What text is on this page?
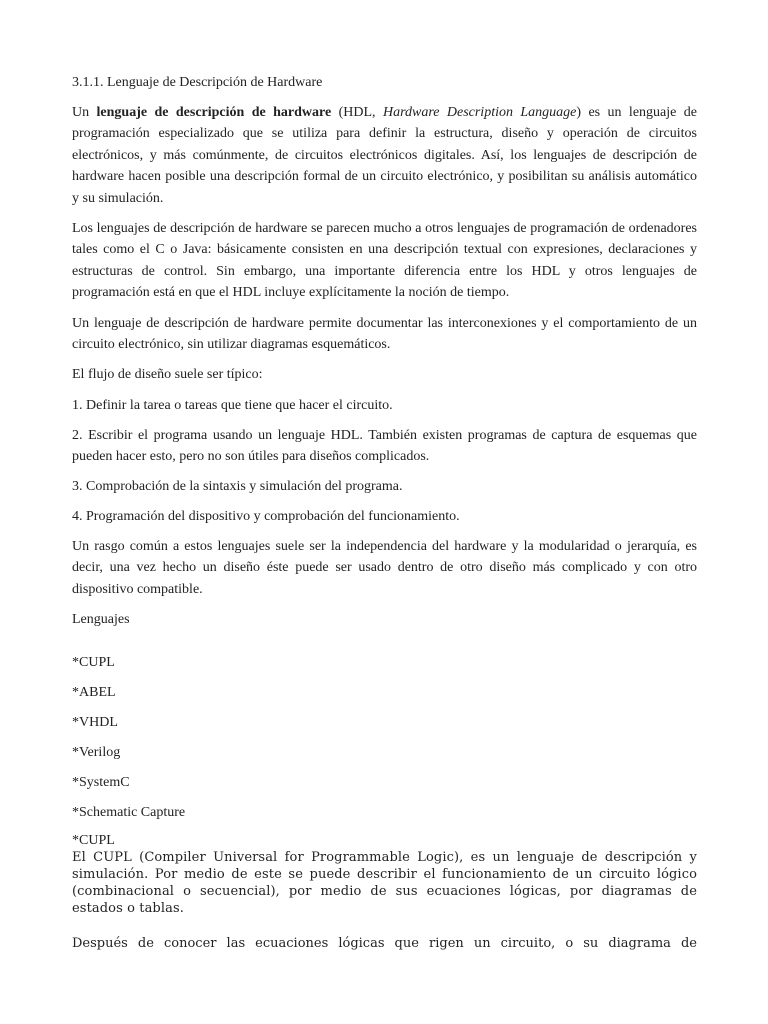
3.1.1. Lenguaje de Descripción de Hardware

Un lenguaje de descripción de hardware (HDL, Hardware Description Language) es un lenguaje de programación especializado que se utiliza para definir la estructura, diseño y operación de circuitos electrónicos, y más comúnmente, de circuitos electrónicos digitales. Así, los lenguajes de descripción de hardware hacen posible una descripción formal de un circuito electrónico, y posibilitan su análisis automático y su simulación.

Los lenguajes de descripción de hardware se parecen mucho a otros lenguajes de programación de ordenadores tales como el C o Java: básicamente consisten en una descripción textual con expresiones, declaraciones y estructuras de control. Sin embargo, una importante diferencia entre los HDL y otros lenguajes de programación está en que el HDL incluye explícitamente la noción de tiempo.

Un lenguaje de descripción de hardware permite documentar las interconexiones y el comportamiento de un circuito electrónico, sin utilizar diagramas esquemáticos.

El flujo de diseño suele ser típico:

1. Definir la tarea o tareas que tiene que hacer el circuito.

2. Escribir el programa usando un lenguaje HDL. También existen programas de captura de esquemas que pueden hacer esto, pero no son útiles para diseños complicados.

3. Comprobación de la sintaxis y simulación del programa.

4. Programación del dispositivo y comprobación del funcionamiento.

Un rasgo común a estos lenguajes suele ser la independencia del hardware y la modularidad o jerarquía, es decir, una vez hecho un diseño éste puede ser usado dentro de otro diseño más complicado y con otro dispositivo compatible.

Lenguajes

*CUPL

*ABEL

*VHDL

*Verilog

*SystemC

*Schematic Capture

*CUPL

El CUPL (Compiler Universal for Programmable Logic), es un lenguaje de descripción y simulación. Por medio de este se puede describir el funcionamiento de un circuito lógico (combinacional o secuencial), por medio de sus ecuaciones lógicas, por diagramas de estados o tablas.

Después de conocer las ecuaciones lógicas que rigen un circuito, o su diagrama de
